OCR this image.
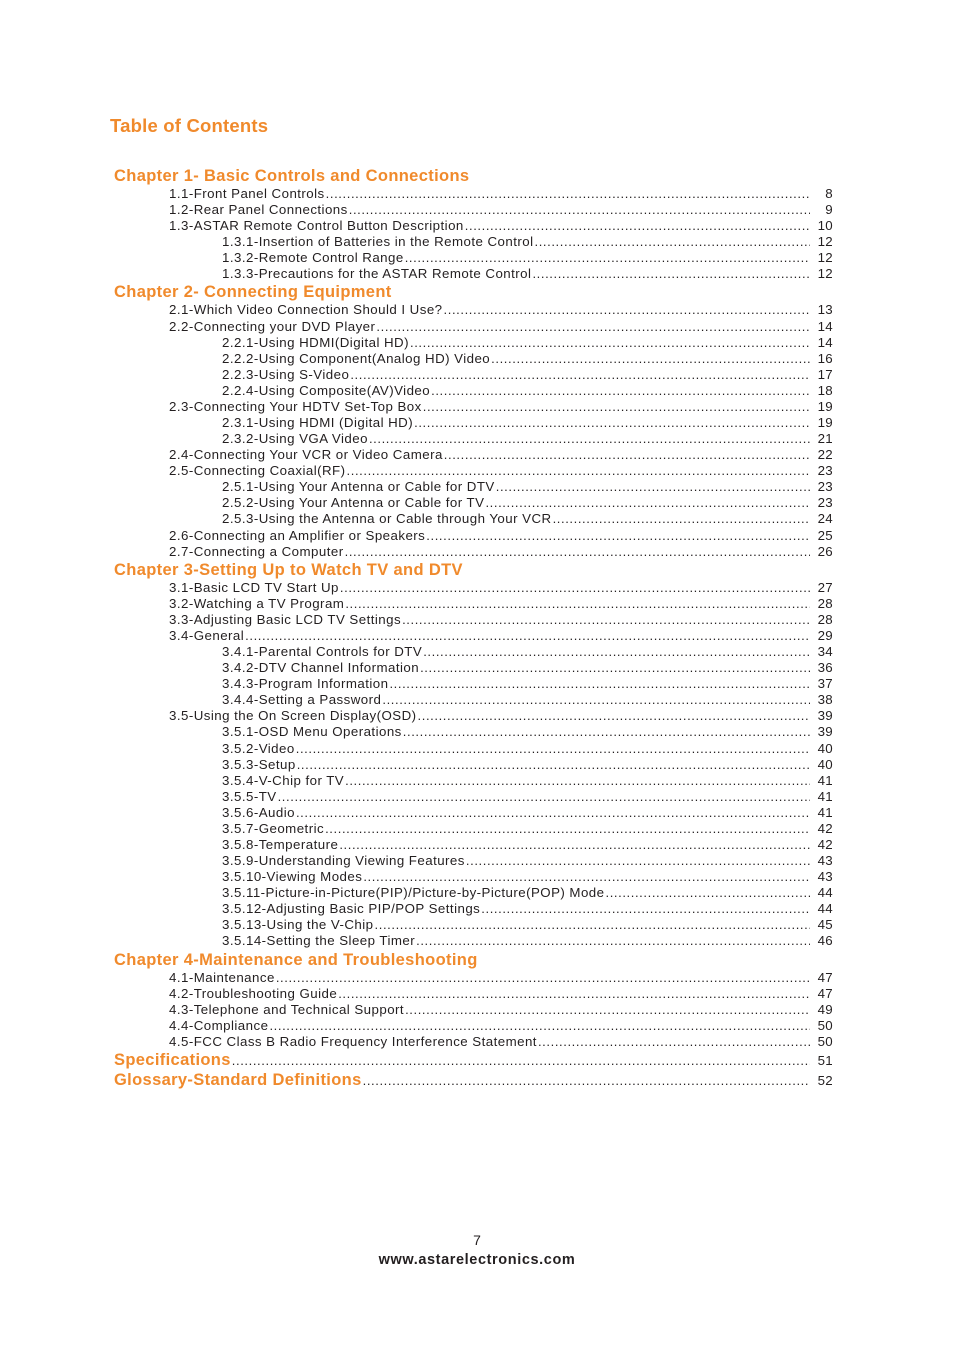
Table of Contents
Chapter 1- Basic Controls and Connections
1.1-Front Panel Controls .....	8
1.2-Rear Panel Connections .....	9
1.3-ASTAR Remote Control Button Description .....	10
1.3.1-Insertion of Batteries in the Remote Control .....	12
1.3.2-Remote Control Range .....	12
1.3.3-Precautions for the ASTAR Remote Control .....	12
Chapter 2- Connecting Equipment
2.1-Which Video Connection Should I Use? .....	13
2.2-Connecting your DVD Player .....	14
2.2.1-Using HDMI(Digital HD) .....	14
2.2.2-Using Component(Analog HD) Video .....	16
2.2.3-Using S-Video .....	17
2.2.4-Using Composite(AV)Video .....	18
2.3-Connecting Your HDTV Set-Top Box .....	19
2.3.1-Using HDMI (Digital HD) .....	19
2.3.2-Using VGA Video .....	21
2.4-Connecting Your VCR or Video Camera .....	22
2.5-Connecting Coaxial(RF) .....	23
2.5.1-Using Your Antenna or Cable for DTV .....	23
2.5.2-Using Your Antenna or Cable for TV .....	23
2.5.3-Using the Antenna or Cable through Your VCR .....	24
2.6-Connecting an Amplifier or Speakers .....	25
2.7-Connecting a Computer .....	26
Chapter 3-Setting Up to Watch TV and DTV
3.1-Basic LCD TV Start Up .....	27
3.2-Watching a TV Program .....	28
3.3-Adjusting Basic LCD TV Settings .....	28
3.4-General .....	29
3.4.1-Parental Controls for DTV .....	34
3.4.2-DTV Channel Information .....	36
3.4.3-Program Information .....	37
3.4.4-Setting a Password .....	38
3.5-Using the On Screen Display(OSD) .....	39
3.5.1-OSD Menu Operations .....	39
3.5.2-Video .....	40
3.5.3-Setup .....	40
3.5.4-V-Chip for TV .....	41
3.5.5-TV .....	41
3.5.6-Audio .....	41
3.5.7-Geometric .....	42
3.5.8-Temperature .....	42
3.5.9-Understanding Viewing Features .....	43
3.5.10-Viewing Modes .....	43
3.5.11-Picture-in-Picture(PIP)/Picture-by-Picture(POP) Mode .....	44
3.5.12-Adjusting Basic PIP/POP Settings .....	44
3.5.13-Using the V-Chip .....	45
3.5.14-Setting the Sleep Timer .....	46
Chapter 4-Maintenance and Troubleshooting
4.1-Maintenance .....	47
4.2-Troubleshooting Guide .....	47
4.3-Telephone and Technical Support .....	49
4.4-Compliance .....	50
4.5-FCC Class B Radio Frequency Interference Statement .....	50
Specifications .....	51
Glossary-Standard Definitions .....	52
7
www.astarelectronics.com
